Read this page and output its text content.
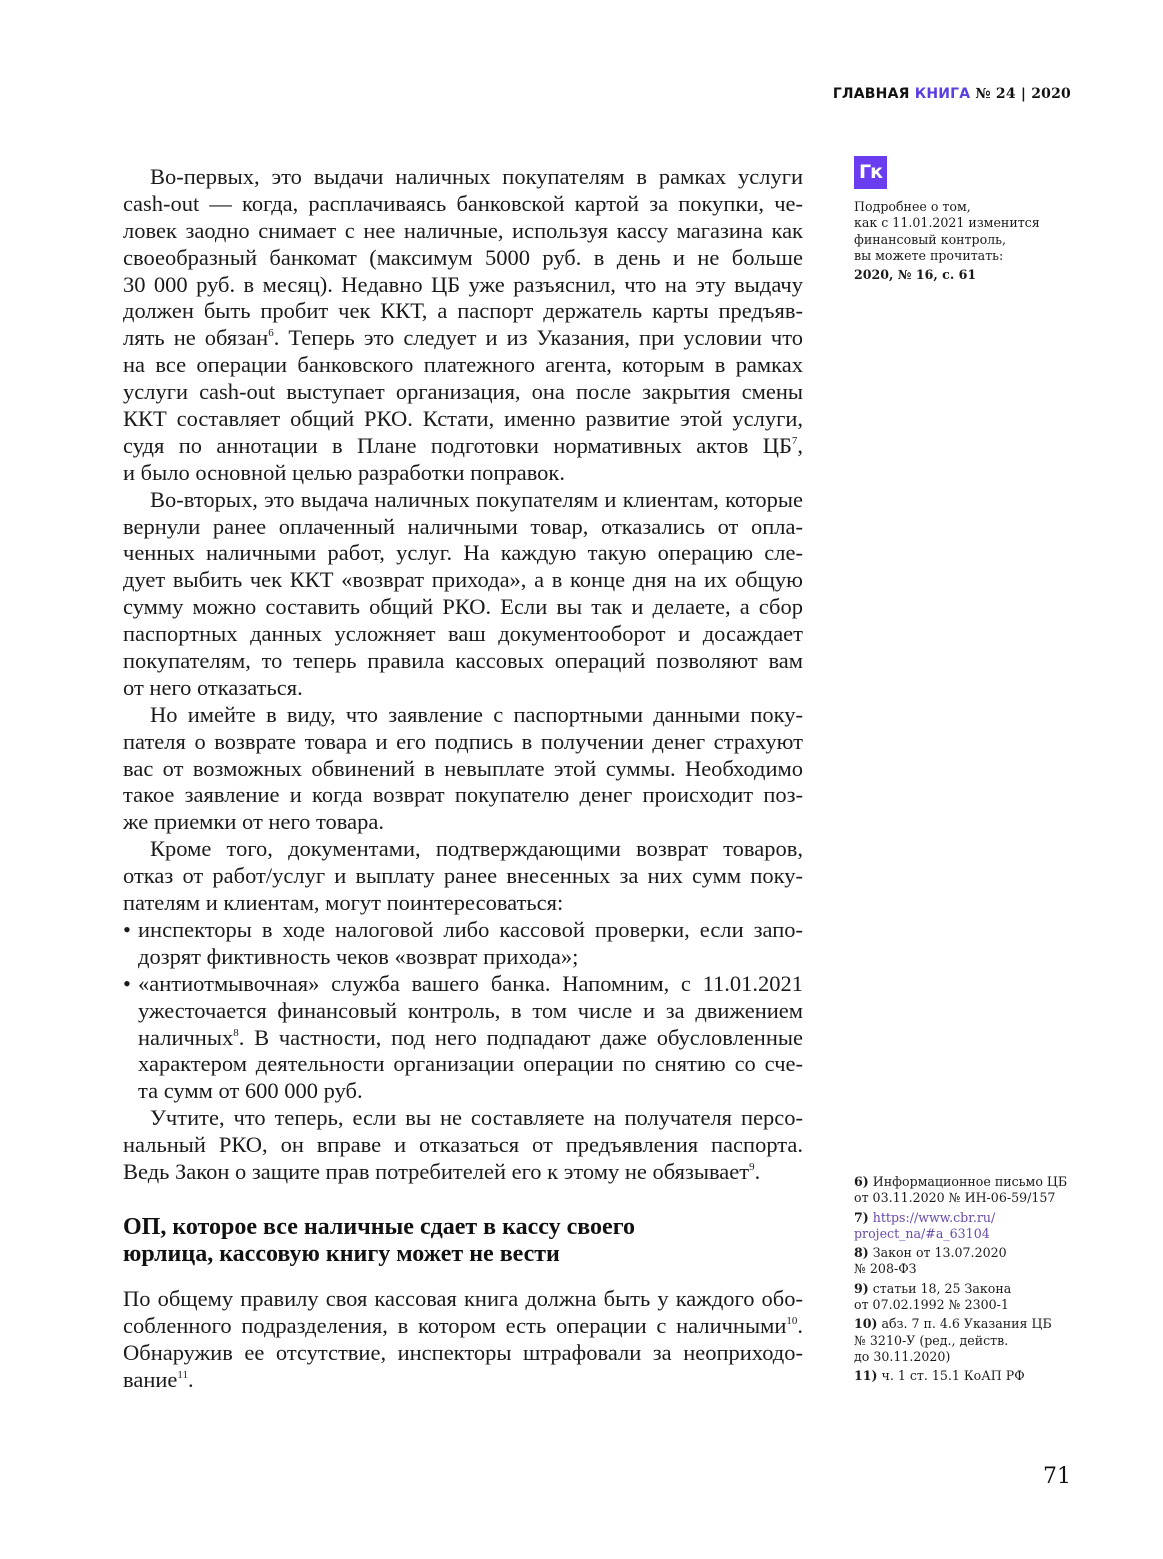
ГЛАВНАЯ КНИГА № 24 | 2020
Гк
Подробнее о том,
как с 11.01.2021 изменится
финансовый контроль,
вы можете прочитать:
2020, № 16, с. 61
Во-первых, это выдачи наличных покупателям в рамках услуги
cash-out — когда, расплачиваясь банковской картой за покупки, че-
ловек заодно снимает с нее наличные, используя кассу магазина как
своеобразный банкомат (максимум 5000 руб. в день и не больше
30 000 руб. в месяц). Недавно ЦБ уже разъяснил, что на эту выдачу
должен быть пробит чек ККТ, а паспорт держатель карты предъяв-
лять не обязан$^6$. Теперь это следует и из Указания, при условии что
на все операции банковского платежного агента, которым в рамках
услуги cash-out выступает организация, она после закрытия смены
ККТ составляет общий РКО. Кстати, именно развитие этой услуги,
судя по аннотации в Плане подготовки нормативных актов $ЦБ^7$,
и было основной целью разработки поправок.
Во-вторых, это выдача наличных покупателям и клиентам, которые
вернули ранее оплаченный наличными товар, отказались от опла-
ченных наличными работ, услуг. На каждую такую операцию сле-
дует выбить чек ККТ «возврат прихода», а в конце дня на их общую
сумму можно составить общий РКО. Если вы так и делаете, а сбор
паспортных данных усложняет ваш документооборот и досаждает
покупателям, то теперь правила кассовых операций позволяют вам
от него отказаться.
Но имейте в виду, что заявление с паспортными данными поку-
пателя о возврате товара и его подпись в получении денег страхуют
вас от возможных обвинений в невыплате этой суммы. Необходимо
такое заявление и когда возврат покупателю денег происходит поз-
же приемки от него товара.
Кроме того, документами, подтверждающими возврат товаров,
отказ от работ/услуг и выплату ранее внесенных за них сумм поку-
пателям и клиентам, могут поинтересоваться:
• инспекторы в ходе налоговой либо кассовой проверки, если запо-
дозрят фиктивность чеков «возврат прихода»;
• «антиотмывочная» служба вашего банка. Напомним, с 11.01.2021
ужесточается финансовый контроль, в том числе и за движением
наличных$^8$. В частности, под него подпадают даже обусловленные
характером деятельности организации операции по снятию со сче-
та сумм от 600 000 руб.
Учтите, что теперь, если вы не составляете на получателя персо-
нальный РКО, он вправе и отказаться от предъявления паспорта.
Ведь Закон о защите прав потребителей его к этому не обязывает$^9$.
ОП, которое все наличные сдает в кассу своего
юрлица, кассовую книгу может не вести
По общему правилу своя кассовая книга должна быть у каждого обо-
собленного подразделения, в котором есть операции с наличными$^{10}$.
Обнаружив ее отсутствие, инспекторы штрафовали за неоприходо-
вание$^{11}$.
6) Информационное письмо ЦБ
от 03.11.2020 № ИН-06-59/157
7) https://www.cbr.ru/
project_na/#a_63104
8) Закон от 13.07.2020
№ 208-ФЗ
9) статьи 18, 25 Закона
от 07.02.1992 № 2300-1
10) абз. 7 п. 4.6 Указания ЦБ
№ 3210-У (ред., действ.
до 30.11.2020)
11) ч. 1 ст. 15.1 КоАП РФ
71
